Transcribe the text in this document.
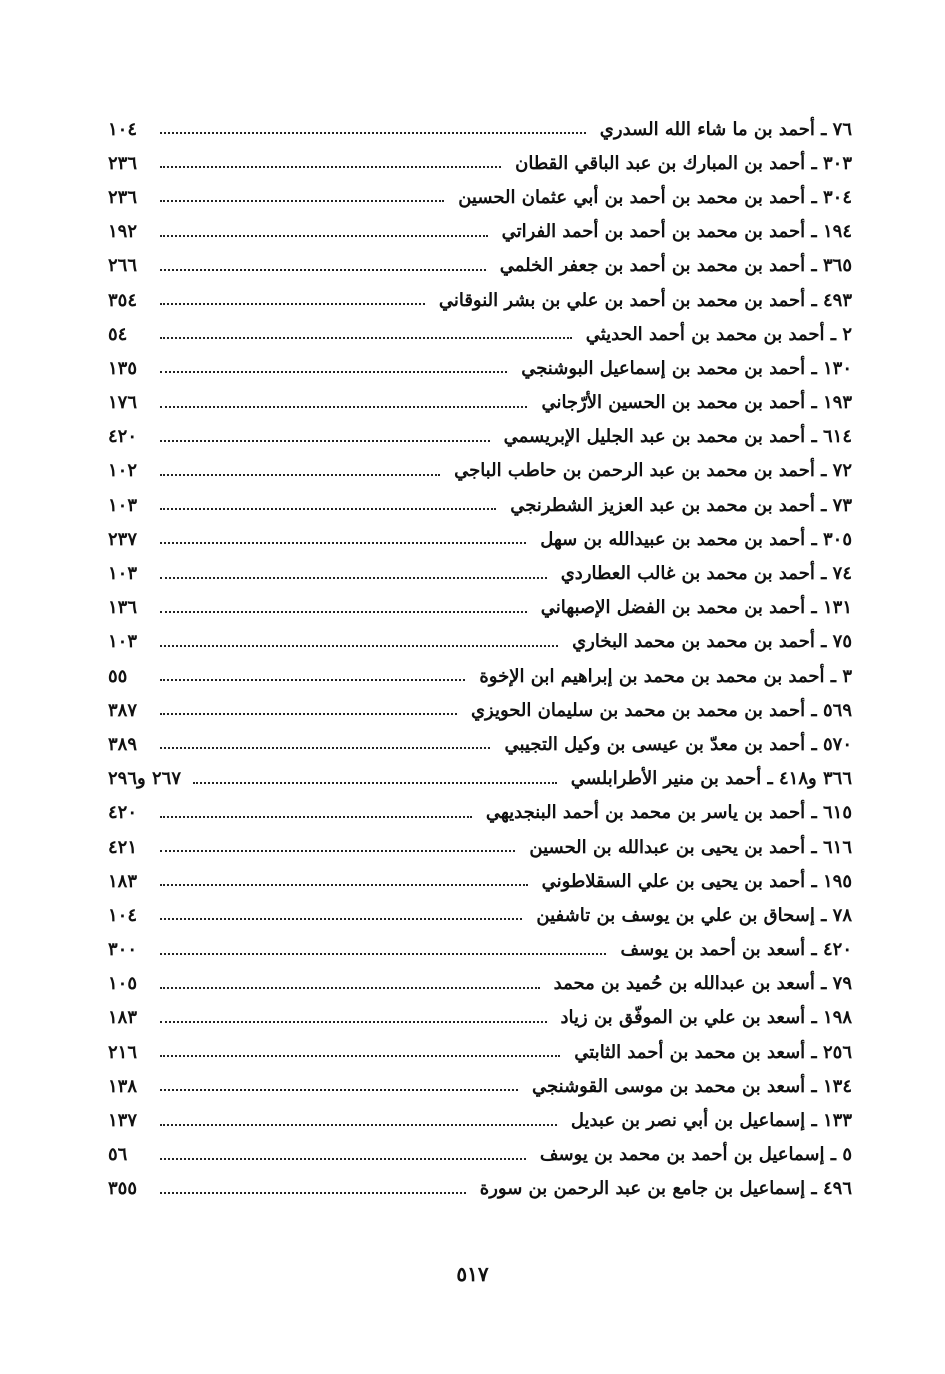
٧٦ ـ أحمد بن ما شاء الله السدري
١٠٤
٣٠٣ ـ أحمد بن المبارك بن عبد الباقي القطان
٢٣٦
٣٠٤ ـ أحمد بن محمد بن أحمد بن أبي عثمان الحسين
٢٣٦
١٩٤ ـ أحمد بن محمد بن أحمد بن أحمد الفراتي
١٩٢
٣٦٥ ـ أحمد بن محمد بن أحمد بن جعفر الخلمي
٢٦٦
٤٩٣ ـ أحمد بن محمد بن أحمد بن علي بن بشر النوقاني
٣٥٤
٢ ـ أحمد بن محمد بن أحمد الحديثي
٥٤
١٣٠ ـ أحمد بن محمد بن إسماعيل البوشنجي
١٣٥
١٩٣ ـ أحمد بن محمد بن الحسين الأرّجاني
١٧٦
٦١٤ ـ أحمد بن محمد بن عبد الجليل الإبريسمي
٤٢٠
٧٢ ـ أحمد بن محمد بن عبد الرحمن بن حاطب الباجي
١٠٢
٧٣ ـ أحمد بن محمد بن عبد العزيز الشطرنجي
١٠٣
٣٠٥ ـ أحمد بن محمد بن عبيدالله بن سهل
٢٣٧
٧٤ ـ أحمد بن محمد بن غالب العطاردي
١٠٣
١٣١ ـ أحمد بن محمد بن الفضل الإصبهاني
١٣٦
٧٥ ـ أحمد بن محمد بن محمد البخاري
١٠٣
٣ ـ أحمد بن محمد بن محمد بن إبراهيم ابن الإخوة
٥٥
٥٦٩ ـ أحمد بن محمد بن محمد بن سليمان الحويزي
٣٨٧
٥٧٠ ـ أحمد بن معدّ بن عيسى بن وكيل التجيبي
٣٨٩
٣٦٦ و٤١٨ ـ أحمد بن منير الأطرابلسي
٢٦٧ و٢٩٦
٦١٥ ـ أحمد بن ياسر بن محمد بن أحمد البنجديهي
٤٢٠
٦١٦ ـ أحمد بن يحيى بن عبدالله بن الحسين
٤٢١
١٩٥ ـ أحمد بن يحيى بن علي السقلاطوني
١٨٣
٧٨ ـ إسحاق بن علي بن يوسف بن تاشفين
١٠٤
٤٢٠ ـ أسعد بن أحمد بن يوسف
٣٠٠
٧٩ ـ أسعد بن عبدالله بن حُميد بن محمد
١٠٥
١٩٨ ـ أسعد بن علي بن الموفّق بن زياد
١٨٣
٢٥٦ ـ أسعد بن محمد بن أحمد الثابتي
٢١٦
١٣٤ ـ أسعد بن محمد بن موسى القوشنجي
١٣٨
١٣٣ ـ إسماعيل بن أبي نصر بن عبديل
١٣٧
٥ ـ إسماعيل بن أحمد بن محمد بن يوسف
٥٦
٤٩٦ ـ إسماعيل بن جامع بن عبد الرحمن بن سورة
٣٥٥
٥١٧
